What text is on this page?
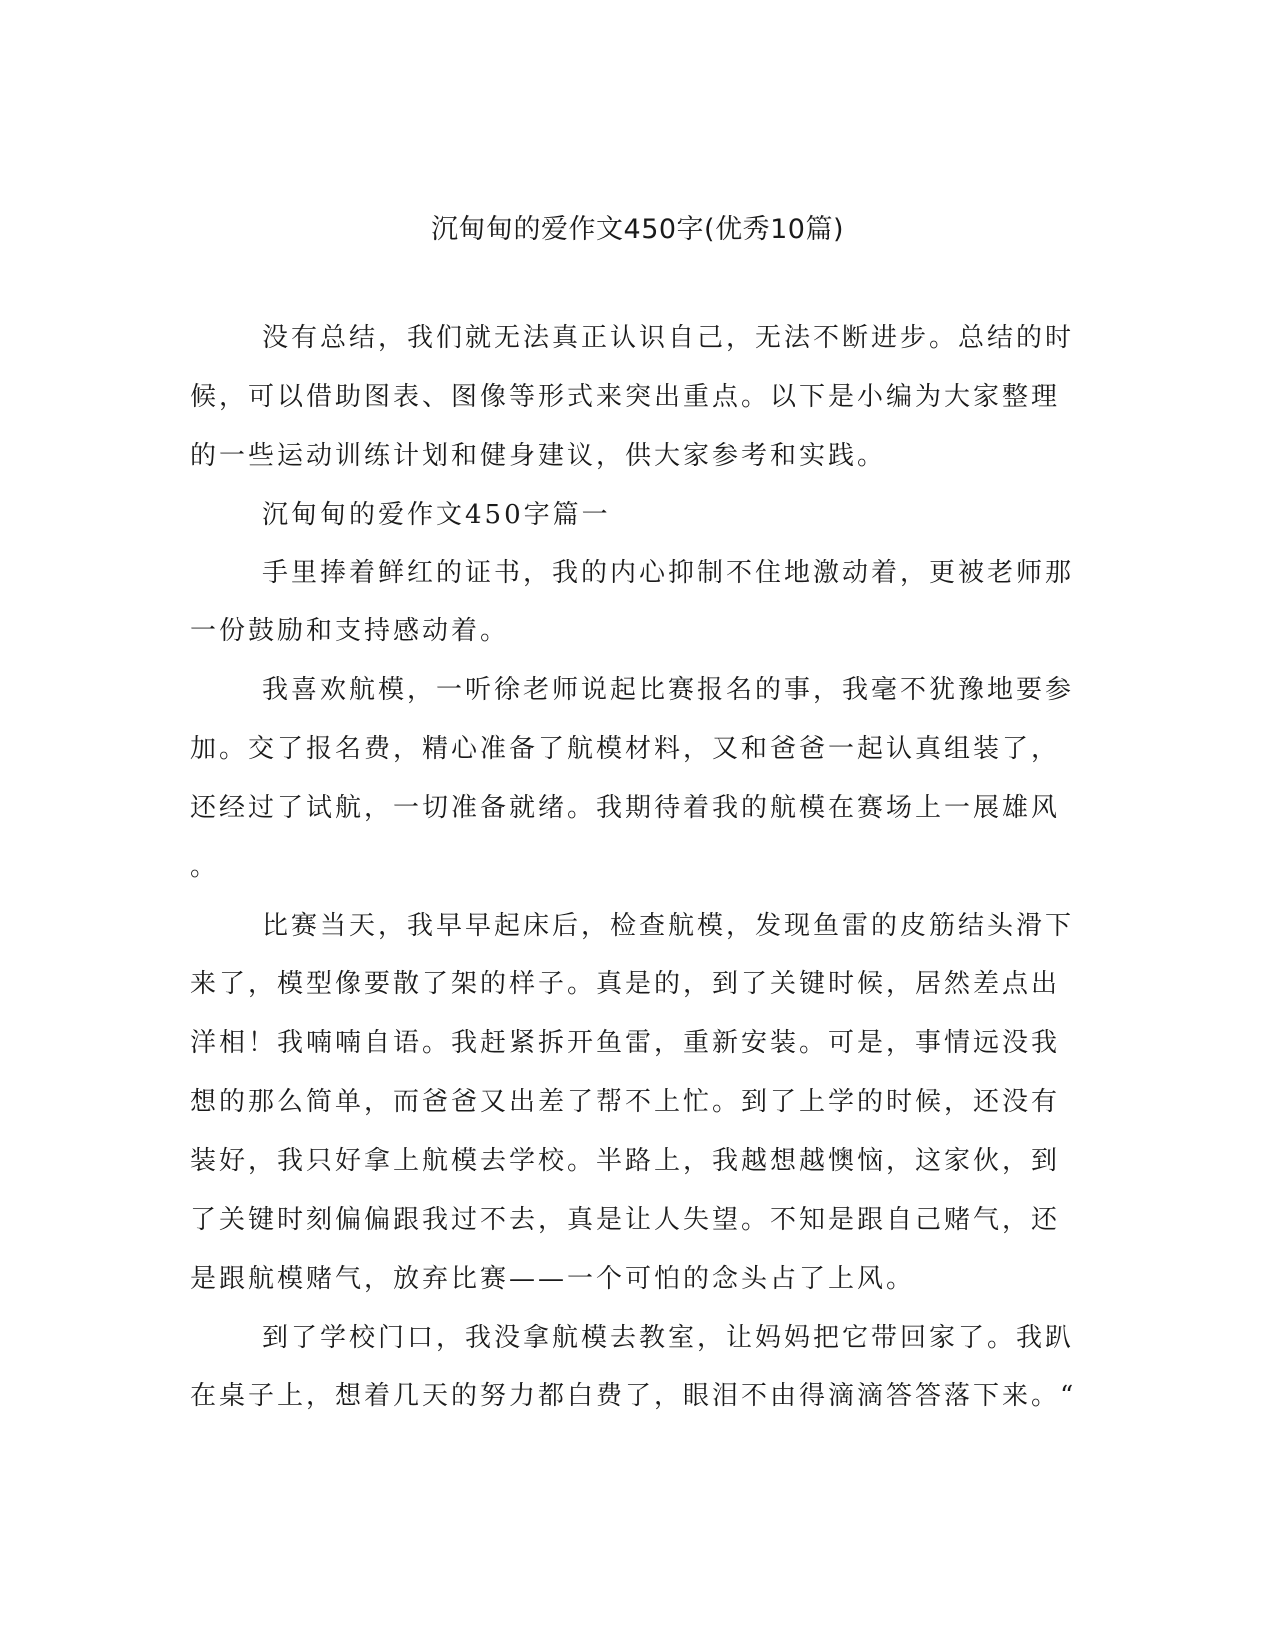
沉甸甸的爱作文450字(优秀10篇)
没有总结，我们就无法真正认识自己，无法不断进步。总结的时
候，可以借助图表、图像等形式来突出重点。以下是小编为大家整理
的一些运动训练计划和健身建议，供大家参考和实践。
沉甸甸的爱作文450字篇一
手里捧着鲜红的证书，我的内心抑制不住地激动着，更被老师那
一份鼓励和支持感动着。
我喜欢航模，一听徐老师说起比赛报名的事，我毫不犹豫地要参
加。交了报名费，精心准备了航模材料，又和爸爸一起认真组装了，
还经过了试航，一切准备就绪。我期待着我的航模在赛场上一展雄风
。
比赛当天，我早早起床后，检查航模，发现鱼雷的皮筋结头滑下
来了，模型像要散了架的样子。真是的，到了关键时候，居然差点出
洋相！我喃喃自语。我赶紧拆开鱼雷，重新安装。可是，事情远没我
想的那么简单，而爸爸又出差了帮不上忙。到了上学的时候，还没有
装好，我只好拿上航模去学校。半路上，我越想越懊恼，这家伙，到
了关键时刻偏偏跟我过不去，真是让人失望。不知是跟自己赌气，还
是跟航模赌气，放弃比赛——一个可怕的念头占了上风。
到了学校门口，我没拿航模去教室，让妈妈把它带回家了。我趴
在桌子上，想着几天的努力都白费了，眼泪不由得滴滴答答落下来。“
